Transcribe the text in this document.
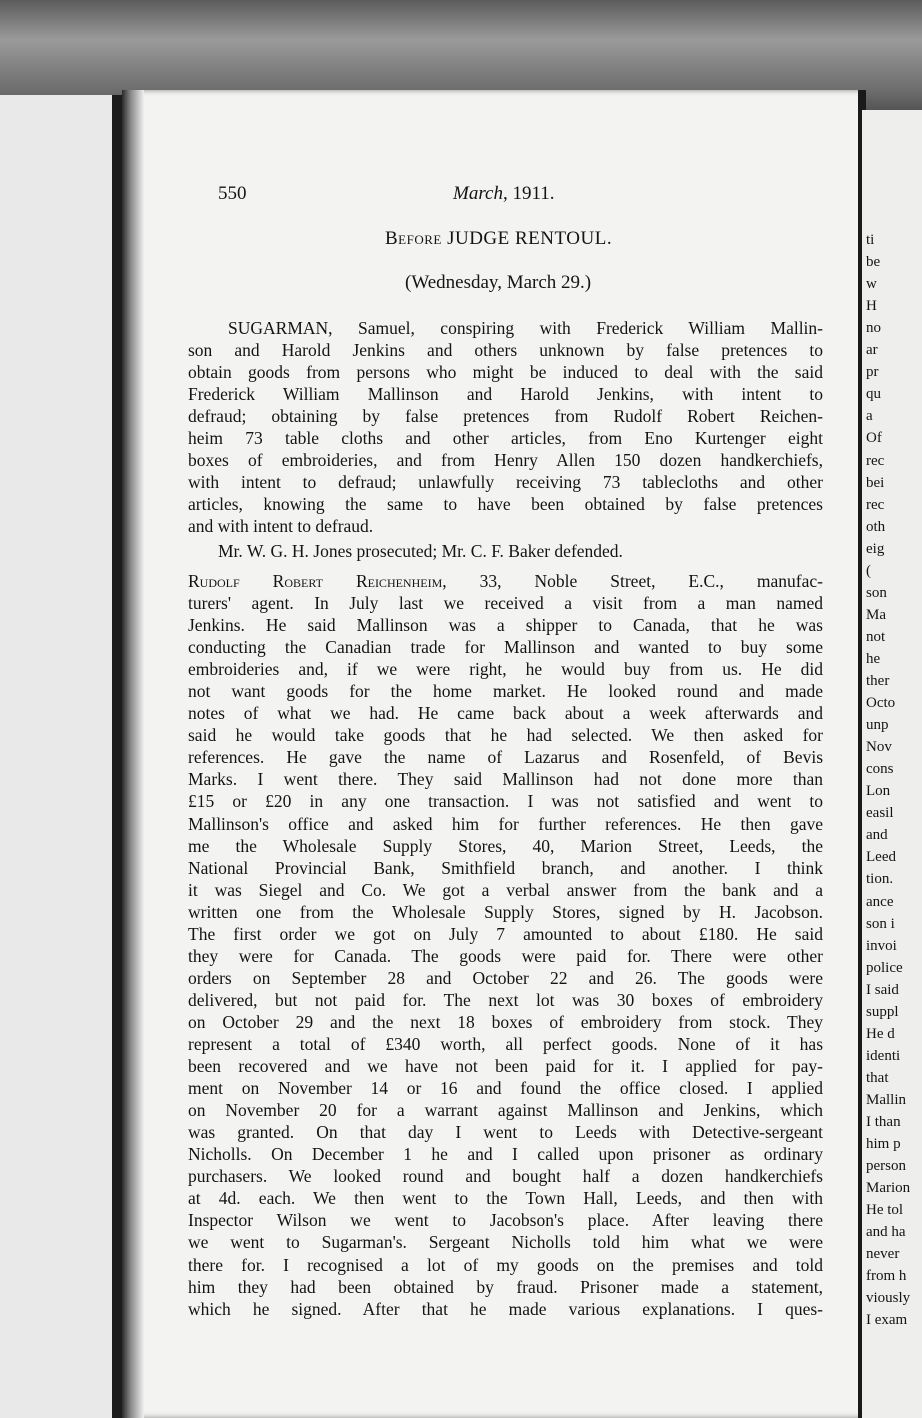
550	March, 1911.
Before JUDGE RENTOUL.
(Wednesday, March 29.)
SUGARMAN, Samuel, conspiring with Frederick William Mallin-
son and Harold Jenkins and others unknown by false pretences to
obtain goods from persons who might be induced to deal with the said
Frederick William Mallinson and Harold Jenkins, with intent to
defraud; obtaining by false pretences from Rudolf Robert Reichen-
heim 73 table cloths and other articles, from Eno Kurtenger eight
boxes of embroideries, and from Henry Allen 150 dozen handkerchiefs,
with intent to defraud; unlawfully receiving 73 tablecloths and other
articles, knowing the same to have been obtained by false pretences
and with intent to defraud.
Mr. W. G. H. Jones prosecuted; Mr. C. F. Baker defended.
Rudolf Robert Reichenheim, 33, Noble Street, E.C., manufac-
turers' agent. In July last we received a visit from a man named
Jenkins. He said Mallinson was a shipper to Canada, that he was
conducting the Canadian trade for Mallinson and wanted to buy some
embroideries and, if we were right, he would buy from us. He did
not want goods for the home market. He looked round and made
notes of what we had. He came back about a week afterwards and
said he would take goods that he had selected. We then asked for
references. He gave the name of Lazarus and Rosenfeld, of Bevis
Marks. I went there. They said Mallinson had not done more than
£15 or £20 in any one transaction. I was not satisfied and went to
Mallinson's office and asked him for further references. He then gave
me the Wholesale Supply Stores, 40, Marion Street, Leeds, the
National Provincial Bank, Smithfield branch, and another. I think
it was Siegel and Co. We got a verbal answer from the bank and a
written one from the Wholesale Supply Stores, signed by H. Jacobson.
The first order we got on July 7 amounted to about £180. He said
they were for Canada. The goods were paid for. There were other
orders on September 28 and October 22 and 26. The goods were
delivered, but not paid for. The next lot was 30 boxes of embroidery
on October 29 and the next 18 boxes of embroidery from stock. They
represent a total of £340 worth, all perfect goods. None of it has
been recovered and we have not been paid for it. I applied for pay-
ment on November 14 or 16 and found the office closed. I applied
on November 20 for a warrant against Mallinson and Jenkins, which
was granted. On that day I went to Leeds with Detective-sergeant
Nicholls. On December 1 he and I called upon prisoner as ordinary
purchasers. We looked round and bought half a dozen handkerchiefs
at 4d. each. We then went to the Town Hall, Leeds, and then with
Inspector Wilson we went to Jacobson's place. After leaving there
we went to Sugarman's. Sergeant Nicholls told him what we were
there for. I recognised a lot of my goods on the premises and told
him they had been obtained by fraud. Prisoner made a statement,
which he signed. After that he made various explanations. I ques-
ti
be
w
H
no
ar
pr
qu
a
Of
rec
bei
rec
oth
eig
(
son
Ma
not
he
ther
Octo
unp
Nov
cons
Lon
easil
and
Leed
tion.
ance
son i
invoi
police
I said
suppl
He d
identi
that
Mallin
I than
him p
person
Marion
He tol
and ha
never
from h
viously
I exam
